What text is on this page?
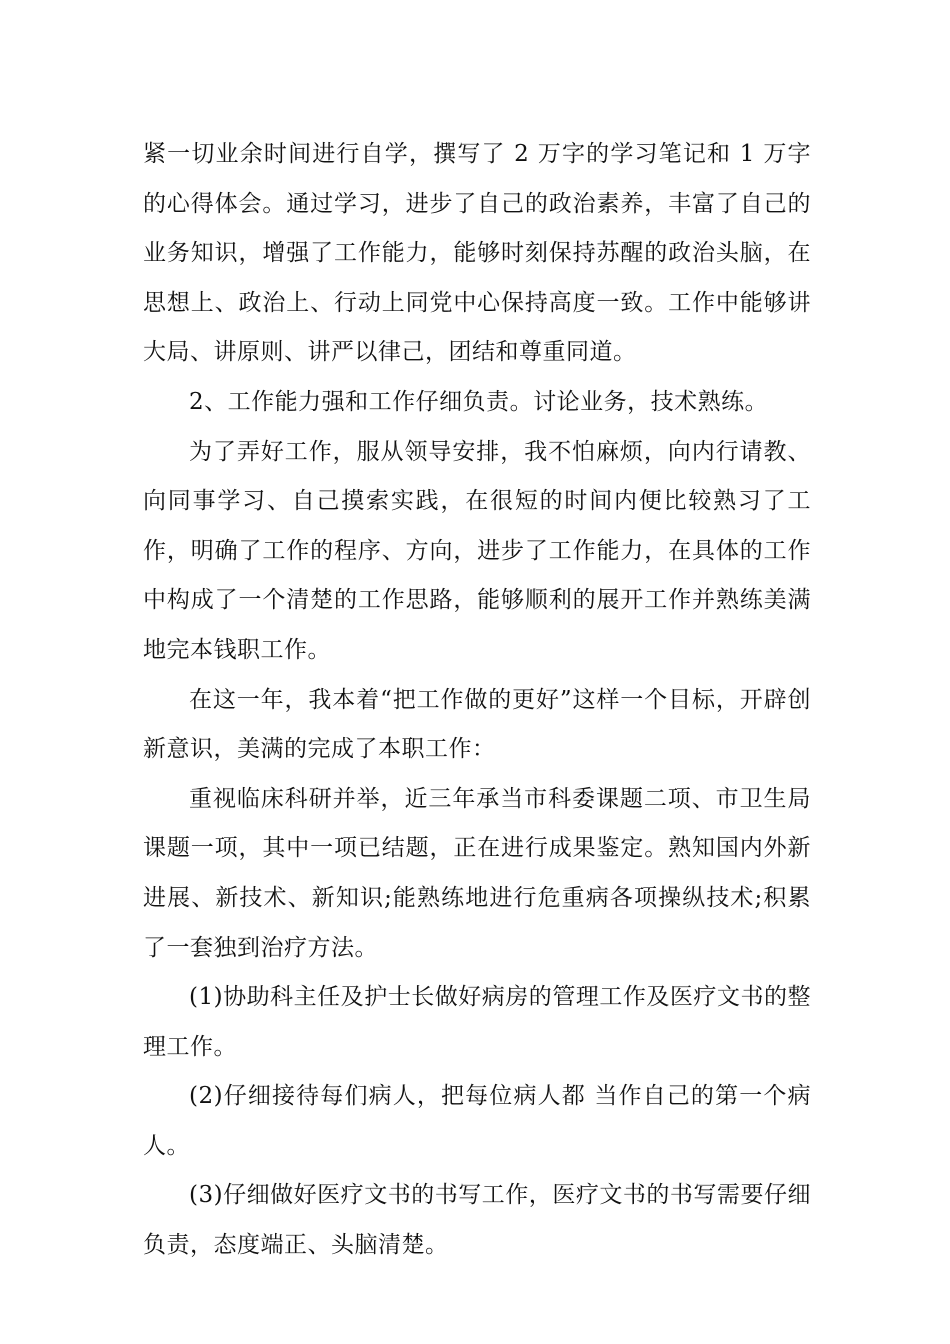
紧一切业余时间进行自学，撰写了 2 万字的学习笔记和 1 万字的心得体会。通过学习，进步了自己的政治素养，丰富了自己的业务知识，增强了工作能力，能够时刻保持苏醒的政治头脑，在思想上、政治上、行动上同党中心保持高度一致。工作中能够讲大局、讲原则、讲严以律己，团结和尊重同道。

2、工作能力强和工作仔细负责。讨论业务，技术熟练。

为了弄好工作，服从领导安排，我不怕麻烦，向内行请教、向同事学习、自己摸索实践，在很短的时间内便比较熟习了工作，明确了工作的程序、方向，进步了工作能力，在具体的工作中构成了一个清楚的工作思路，能够顺利的展开工作并熟练美满地完本钱职工作。

在这一年，我本着“把工作做的更好”这样一个目标，开辟创新意识，美满的完成了本职工作：

重视临床科研并举，近三年承当市科委课题二项、市卫生局课题一项，其中一项已结题，正在进行成果鉴定。熟知国内外新进展、新技术、新知识;能熟练地进行危重病各项操纵技术;积累了一套独到治疗方法。

(1)协助科主任及护士长做好病房的管理工作及医疗文书的整理工作。

(2)仔细接待每们病人，把每位病人都 当作自己的第一个病人。

(3)仔细做好医疗文书的书写工作，医疗文书的书写需要仔细负责，态度端正、头脑清楚。
